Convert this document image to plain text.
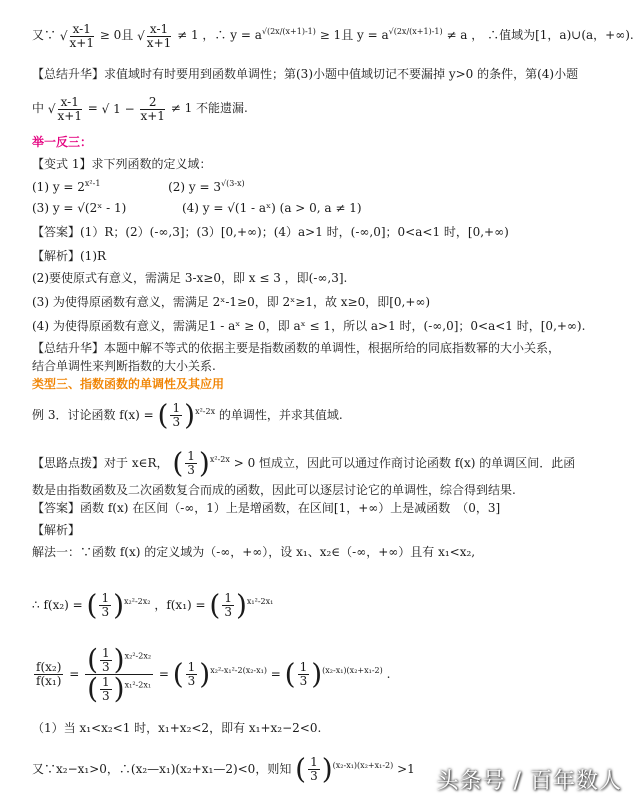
又∵ √ $\frac{x-1}{x+1} \ge 0$且 √ $\frac{x-1}{x+1} \ne 1$ ，∴ $y = a^{√(2x/(x+1)-1)} \ge 1$且 $y = a^{√(2x/(x+1)-1)} \ne a$ ， ∴值域为[1，a)∪(a，+∞).
【总结升华】求值域时有时要用到函数单调性；第(3)小题中值域切记不要漏掉 y>0 的条件，第(4)小题
中 √ $\frac{x-1}{x+1}$ = √ $1 - \frac{2}{x+1} \ne 1$ 不能遗漏.
举一反三：
【变式 1】求下列函数的定义域：
(1) $y = 2^{x^2-1}$	(2) $y = 3^{√(3-x)}$
(3) y = √(2ˣ - 1)	(4) y = √(1 - aˣ) (a > 0, a ≠ 1)
【答案】(1）R；(2）(-∞,3]；(3）[0,+∞)；(4）a>1 时，(-∞,0]；0<a<1 时，[0,+∞)
【解析】(1)R
(2)要使原式有意义，需满足 3-x≥0，即 x ≤ 3 ，即(-∞,3].
(3) 为使得原函数有意义，需满足 2ˣ-1≥0，即 2ˣ≥1，故 x≥0，即[0,+∞)
(4) 为使得原函数有意义，需满足1 - aˣ ≥ 0，即 aˣ ≤ 1，所以 a>1 时，(-∞,0]；0<a<1 时，[0,+∞).
【总结升华】本题中解不等式的依据主要是指数函数的单调性，根据所给的同底指数幂的大小关系，
结合单调性来判断指数的大小关系.
类型三、指数函数的单调性及其应用
例 3．讨论函数 f(x) = ( $\frac{1}{3} )^{x^2-2x}$ 的单调性，并求其值域.
【思路点拨】对于 x∈R， ( $\frac{1}{3} )^{x^2-2x} > 0$ 恒成立，因此可以通过作商讨论函数 f(x) 的单调区间．此函
数是由指数函数及二次函数复合而成的函数，因此可以逐层讨论它的单调性，综合得到结果.
【答案】函数 f(x) 在区间（-∞，1）上是增函数，在区间[1，+∞）上是减函数　（0，3]
【解析】
解法一：∵函数 f(x) 的定义域为（-∞，+∞），设 x₁、x₂∈（-∞，+∞）且有 x₁<x₂,
∴ f(x₂) = ( $\frac{1}{3} )^{x_2^2-2x_2}$ ，f(x₁) = ( $\frac{1}{3} )^{x_1^2-2x_1}$
$\frac{\text{f(x₂)}}{\text{f(x₁)}} = \frac{( \frac{1}{3} )^{x_2^2-2x_2}}{( \frac{1}{3} )^{x_1^2-2x_1}}$ = ( $\frac{1}{3} )^{x_2^2-x_1^2-2(x_2-x_1)}$ = ( $\frac{1}{3} )^{(x_2-x_1)(x_2+x_1-2)}$ .
（1）当 x₁<x₂<1 时，x₁+x₂<2，即有 x₁+x₂−2<0.
又∵x₂−x₁>0，∴(x₂—x₁)(x₂+x₁—2)<0，则知 ( $\frac{1}{3} )^{(x_2-x_1)(x_2+x_1-2)} >1$ 头条号 / 百年数人
